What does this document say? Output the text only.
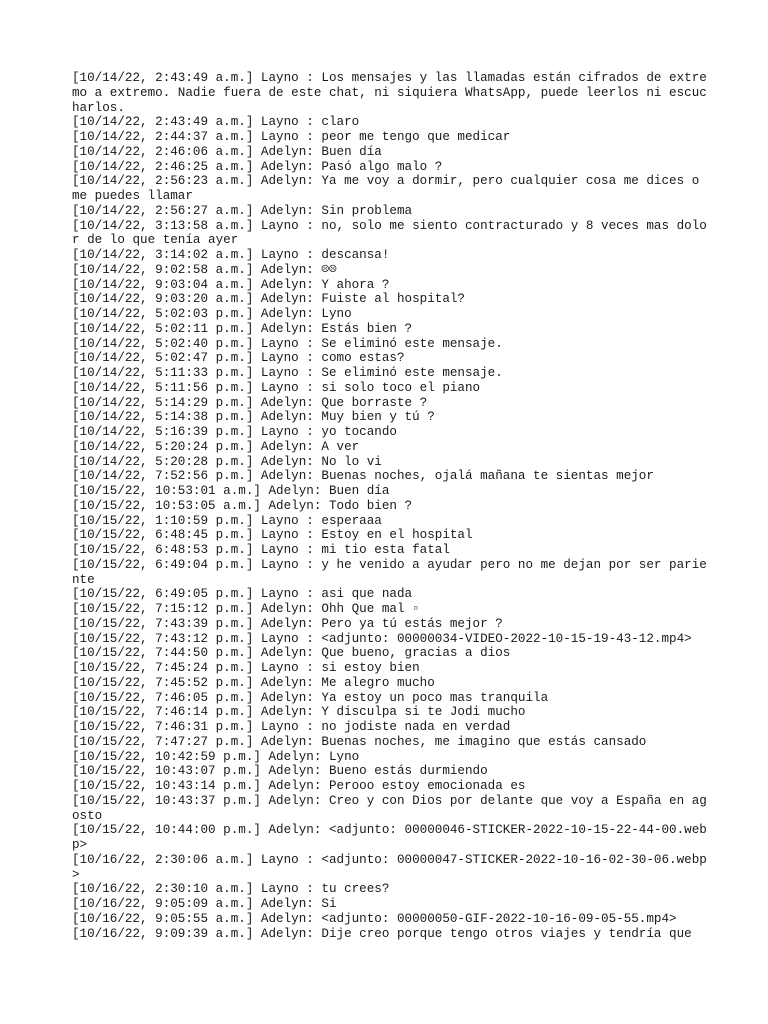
[10/14/22, 2:43:49 a.m.] Layno : Los mensajes y las llamadas están cifrados de extremo a extremo. Nadie fuera de este chat, ni siquiera WhatsApp, puede leerlos ni escucharlos.
[10/14/22, 2:43:49 a.m.] Layno : claro
[10/14/22, 2:44:37 a.m.] Layno : peor me tengo que medicar
[10/14/22, 2:46:06 a.m.] Adelyn: Buen día
[10/14/22, 2:46:25 a.m.] Adelyn: Pasó algo malo ?
[10/14/22, 2:56:23 a.m.] Adelyn: Ya me voy a dormir, pero cualquier cosa me dices o me puedes llamar
[10/14/22, 2:56:27 a.m.] Adelyn: Sin problema
[10/14/22, 3:13:58 a.m.] Layno : no, solo me siento contracturado y 8 veces mas dolor de lo que tenía ayer
[10/14/22, 3:14:02 a.m.] Layno : descansa!
[10/14/22, 9:02:58 a.m.] Adelyn: ☹☹
[10/14/22, 9:03:04 a.m.] Adelyn: Y ahora ?
[10/14/22, 9:03:20 a.m.] Adelyn: Fuiste al hospital?
[10/14/22, 5:02:03 p.m.] Adelyn: Lyno
[10/14/22, 5:02:11 p.m.] Adelyn: Estás bien ?
[10/14/22, 5:02:40 p.m.] Layno : Se eliminó este mensaje.
[10/14/22, 5:02:47 p.m.] Layno : como estas?
[10/14/22, 5:11:33 p.m.] Layno : Se eliminó este mensaje.
[10/14/22, 5:11:56 p.m.] Layno : si solo toco el piano
[10/14/22, 5:14:29 p.m.] Adelyn: Que borraste ?
[10/14/22, 5:14:38 p.m.] Adelyn: Muy bien y tú ?
[10/14/22, 5:16:39 p.m.] Layno : yo tocando
[10/14/22, 5:20:24 p.m.] Adelyn: A ver
[10/14/22, 5:20:28 p.m.] Adelyn: No lo vi
[10/14/22, 7:52:56 p.m.] Adelyn: Buenas noches, ojalá mañana te sientas mejor
[10/15/22, 10:53:01 a.m.] Adelyn: Buen día
[10/15/22, 10:53:05 a.m.] Adelyn: Todo bien ?
[10/15/22, 1:10:59 p.m.] Layno : esperaaa
[10/15/22, 6:48:45 p.m.] Layno : Estoy en el hospital
[10/15/22, 6:48:53 p.m.] Layno : mi tio esta fatal
[10/15/22, 6:49:04 p.m.] Layno : y he venido a ayudar pero no me dejan por ser pariente
[10/15/22, 6:49:05 p.m.] Layno : asi que nada
[10/15/22, 7:15:12 p.m.] Adelyn: Ohh Que mal ▫
[10/15/22, 7:43:39 p.m.] Adelyn: Pero ya tú estás mejor ?
[10/15/22, 7:43:12 p.m.] Layno : <adjunto: 00000034-VIDEO-2022-10-15-19-43-12.mp4>
[10/15/22, 7:44:50 p.m.] Adelyn: Que bueno, gracias a dios
[10/15/22, 7:45:24 p.m.] Layno : si estoy bien
[10/15/22, 7:45:52 p.m.] Adelyn: Me alegro mucho
[10/15/22, 7:46:05 p.m.] Adelyn: Ya estoy un poco mas tranquila
[10/15/22, 7:46:14 p.m.] Adelyn: Y disculpa si te Jodi mucho
[10/15/22, 7:46:31 p.m.] Layno : no jodiste nada en verdad
[10/15/22, 7:47:27 p.m.] Adelyn: Buenas noches, me imagino que estás cansado
[10/15/22, 10:42:59 p.m.] Adelyn: Lyno
[10/15/22, 10:43:07 p.m.] Adelyn: Bueno estás durmiendo
[10/15/22, 10:43:14 p.m.] Adelyn: Perooo estoy emocionada es
[10/15/22, 10:43:37 p.m.] Adelyn: Creo y con Dios por delante que voy a España en agosto
[10/15/22, 10:44:00 p.m.] Adelyn: <adjunto: 00000046-STICKER-2022-10-15-22-44-00.webp>
[10/16/22, 2:30:06 a.m.] Layno : <adjunto: 00000047-STICKER-2022-10-16-02-30-06.webp>
[10/16/22, 2:30:10 a.m.] Layno : tu crees?
[10/16/22, 9:05:09 a.m.] Adelyn: Si
[10/16/22, 9:05:55 a.m.] Adelyn: <adjunto: 00000050-GIF-2022-10-16-09-05-55.mp4>
[10/16/22, 9:09:39 a.m.] Adelyn: Dije creo porque tengo otros viajes y tendría que
